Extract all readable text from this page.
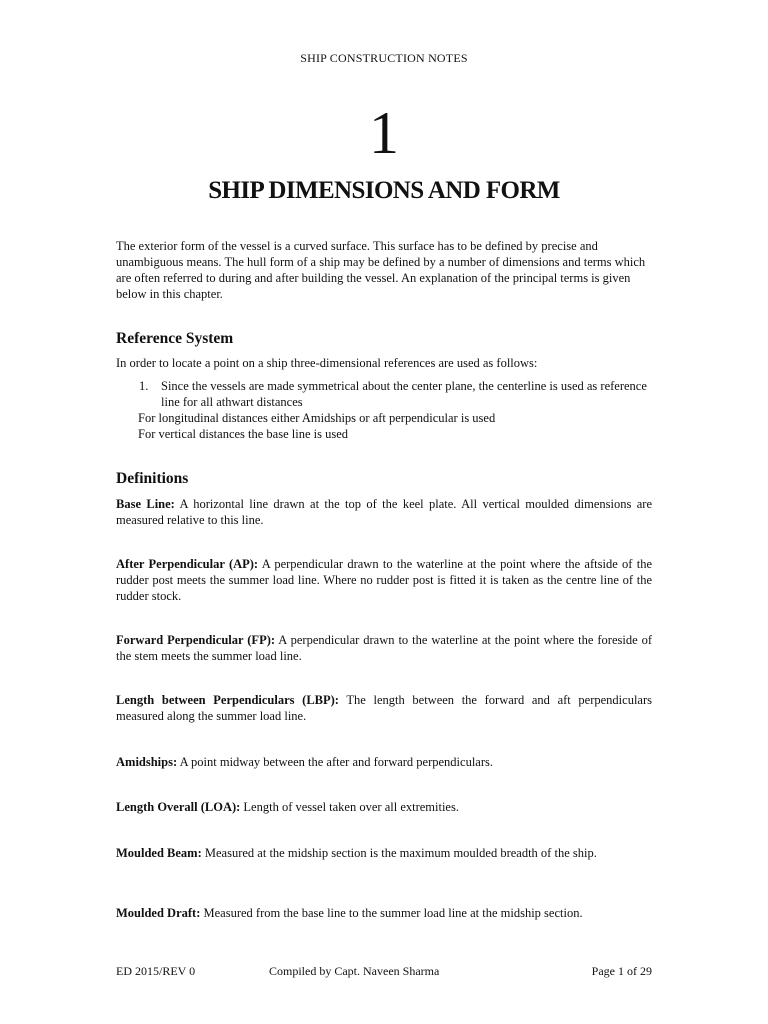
SHIP CONSTRUCTION NOTES
1
SHIP DIMENSIONS AND FORM
The exterior form of the vessel is a curved surface. This surface has to be defined by precise and unambiguous means. The hull form of a ship may be defined by a number of dimensions and terms which are often referred to during and after building the vessel. An explanation of the principal terms is given below in this chapter.
Reference System
In order to locate a point on a ship three-dimensional references are used as follows:
1. Since the vessels are made symmetrical about the center plane, the centerline is used as reference line for all athwart distances
For longitudinal distances either Amidships or aft perpendicular is used
For vertical distances the base line is used
Definitions
Base Line: A horizontal line drawn at the top of the keel plate. All vertical moulded dimensions are measured relative to this line.
After Perpendicular (AP): A perpendicular drawn to the waterline at the point where the aftside of the rudder post meets the summer load line. Where no rudder post is fitted it is taken as the centre line of the rudder stock.
Forward Perpendicular (FP): A perpendicular drawn to the waterline at the point where the foreside of the stem meets the summer load line.
Length between Perpendiculars (LBP): The length between the forward and aft perpendiculars measured along the summer load line.
Amidships: A point midway between the after and forward perpendiculars.
Length Overall (LOA): Length of vessel taken over all extremities.
Moulded Beam: Measured at the midship section is the maximum moulded breadth of the ship.
Moulded Draft: Measured from the base line to the summer load line at the midship section.
ED 2015/REV 0	Compiled by Capt. Naveen Sharma	Page 1 of 29
